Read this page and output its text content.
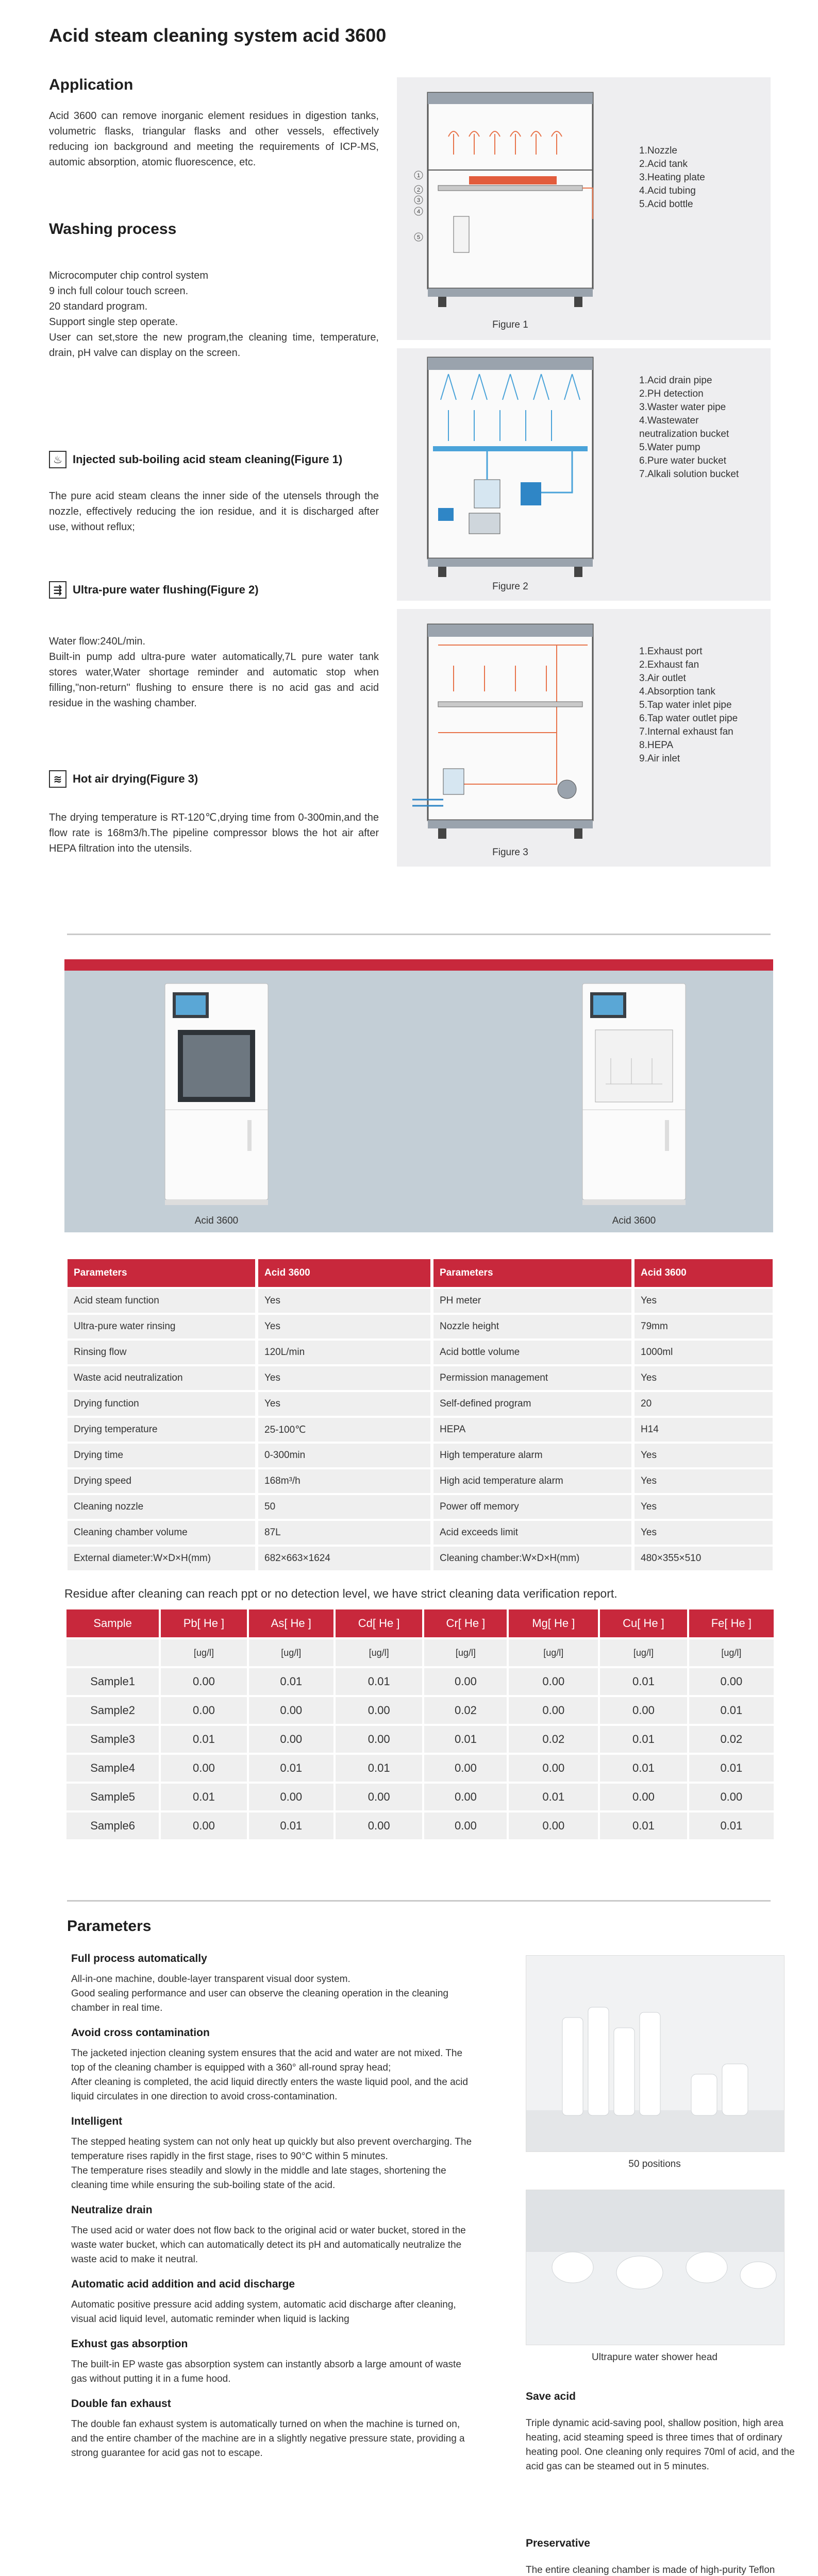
Acid steam cleaning system acid 3600
Application
Acid 3600 can remove inorganic element residues in digestion tanks, volumetric flasks, triangular flasks and other vessels, effectively reducing ion background and meeting the requirements of ICP-MS, automic absorption, atomic fluorescence, etc.
Washing process
Microcomputer chip control system
9 inch full colour touch screen.
20 standard program.
Support single step operate.
User can set,store the new program,the cleaning time, temperature, drain, pH valve can display on the screen.
♨ Injected sub-boiling acid steam cleaning(Figure 1)
The pure acid steam cleans the inner side of the utensels through the nozzle, effectively reducing the ion residue, and it is discharged after use, without reflux;
⇶ Ultra-pure water flushing(Figure 2)
Water flow:240L/min.
Built-in pump add ultra-pure water automatically,7L pure water tank stores water,Water shortage reminder and automatic stop when filling,"non-return" flushing to ensure there is no acid gas and acid residue in the washing chamber.
≋ Hot air drying(Figure 3)
The drying temperature is RT-120℃,drying time from 0-300min,and the flow rate is 168m3/h.The pipeline compressor blows the hot air after HEPA filtration into the utensils.
1
2
3
4
5
1.Nozzle
2.Acid tank
3.Heating plate
4.Acid tubing
5.Acid bottle
Figure 1
1.Acid drain pipe
2.PH detection
3.Waster water pipe
4.Wastewater neutralization bucket
5.Water pump
6.Pure water bucket
7.Alkali solution bucket
Figure 2
1.Exhaust port
2.Exhaust fan
3.Air outlet
4.Absorption tank
5.Tap water inlet pipe
6.Tap water outlet pipe
7.Internal exhaust fan
8.HEPA
9.Air inlet
Figure 3
Acid 3600	Acid 3600
Parameters	Acid 3600	Parameters	Acid 3600
Acid steam function	Yes	PH meter	Yes
Ultra-pure water rinsing	Yes	Nozzle height	79mm
Rinsing flow	120L/min	Acid bottle volume	1000ml
Waste acid neutralization	Yes	Permission management	Yes
Drying function	Yes	Self-defined program	20
Drying temperature	25-100℃	HEPA	H14
Drying time	0-300min	High temperature alarm	Yes
Drying speed	168m³/h	High acid temperature alarm	Yes
Cleaning nozzle	50	Power off memory	Yes
Cleaning chamber volume	87L	Acid exceeds limit	Yes
External diameter:W×D×H(mm)	682×663×1624	Cleaning chamber:W×D×H(mm)	480×355×510
Residue after cleaning can reach ppt or no detection level, we have strict cleaning data verification report.
Sample	Pb[ He ]	As[ He ]	Cd[ He ]	Cr[ He ]	Mg[ He ]	Cu[ He ]	Fe[ He ]
	[ug/l]	[ug/l]	[ug/l]	[ug/l]	[ug/l]	[ug/l]	[ug/l]
Sample1	0.00	0.01	0.01	0.00	0.00	0.01	0.00
Sample2	0.00	0.00	0.00	0.02	0.00	0.00	0.01
Sample3	0.01	0.00	0.00	0.01	0.02	0.01	0.02
Sample4	0.00	0.01	0.01	0.00	0.00	0.01	0.01
Sample5	0.01	0.00	0.00	0.00	0.01	0.00	0.00
Sample6	0.00	0.01	0.00	0.00	0.00	0.01	0.01
Parameters
Full process automatically
All-in-one machine, double-layer transparent visual door system.
Good sealing performance and user can observe the cleaning operation in the cleaning chamber in real time.
Avoid cross contamination
The jacketed injection cleaning system ensures that the acid and water are not mixed. The top of the cleaning chamber is equipped with a 360° all-round spray head;
After cleaning is completed, the acid liquid directly enters the waste liquid pool, and the acid liquid circulates in one direction to avoid cross-contamination.
Intelligent
The stepped heating system can not only heat up quickly but also prevent overcharging. The temperature rises rapidly in the first stage, rises to 90°C within 5 minutes.
The temperature rises steadily and slowly in the middle and late stages, shortening the cleaning time while ensuring the sub-boiling state of the acid.
Neutralize drain
The used acid or water does not flow back to the original acid or water bucket, stored in the waste water bucket, which can automatically detect its pH and automatically neutralize the waste acid to make it neutral.
Automatic acid addition and acid discharge
Automatic positive pressure acid adding system, automatic acid discharge after cleaning, visual acid liquid level, automatic reminder when liquid is lacking
Exhust gas absorption
The built-in EP waste gas absorption system can instantly absorb a large amount of waste gas without putting it in a fume hood.
Double fan exhaust
The double fan exhaust system is automatically turned on when the machine is turned on, and the entire chamber of the machine are in a slightly negative pressure state, providing a strong guarantee for acid gas not to escape.
50 positions
Ultrapure water shower head
Save acid
Triple dynamic acid-saving pool, shallow position, high area heating, acid steaming speed is three times that of ordinary heating pool. One cleaning only requires 70ml of acid, and the acid gas can be steamed out in 5 minutes.
Preservative
The entire cleaning chamber is made of high-purity Teflon
